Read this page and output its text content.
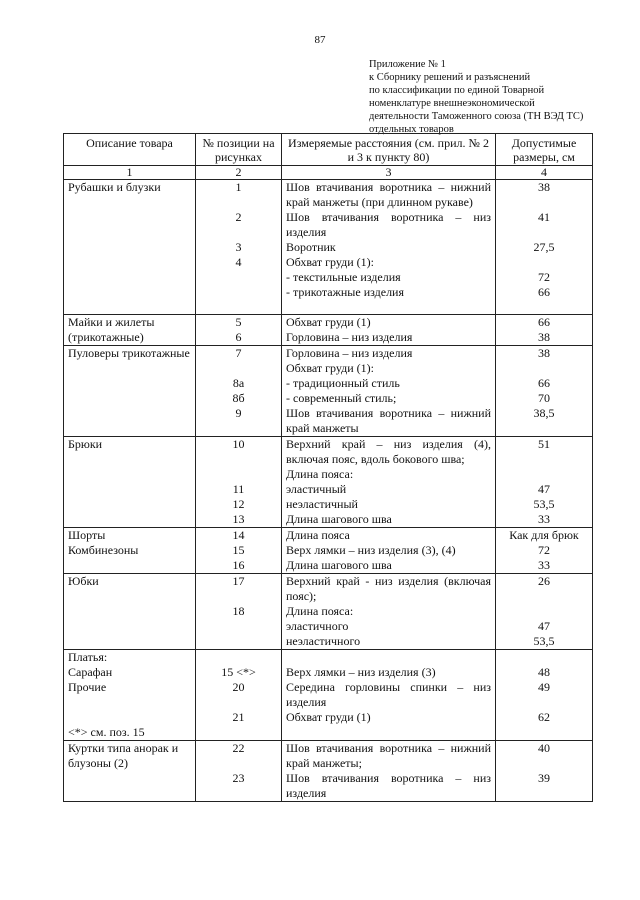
87
Приложение № 1
к Сборнику решений и разъяснений
по классификации по единой Товарной
номенклатуре внешнеэкономической
деятельности Таможенного союза (ТН ВЭД ТС)
отдельных товаров
Описание товара	№ позиции на рисунках	Измеряемые расстояния (см. прил. № 2 и 3 к пункту 80)	Допустимые размеры, см
1	2	3	4
Рубашки и блузки	1	Шов втачивания воротника – нижний край манжеты (при длинном рукаве)	38
	2	Шов втачивания воротника – низ изделия	41
	3	Воротник	27,5
	4	Обхват груди (1):	
		- текстильные изделия	72
		- трикотажные изделия	66

Майки и жилеты	5	Обхват груди (1)	66
(трикотажные)	6	Горловина – низ изделия	38
Пуловеры трикотажные	7	Горловина – низ изделия	38
		Обхват груди (1):	
	8а	- традиционный стиль	66
	8б	- современный стиль;	70
	9	Шов втачивания воротника – нижний край манжеты	38,5
Брюки	10	Верхний край – низ изделия (4), включая пояс, вдоль бокового шва;	51
		Длина пояса:	
	11	эластичный	47
	12	неэластичный	53,5
	13	Длина шагового шва	33
Шорты	14	Длина пояса	Как для брюк
Комбинезоны	15	Верх лямки – низ изделия (3), (4)	72
	16	Длина шагового шва	33
Юбки	17	Верхний край - низ изделия (включая пояс);	26
	18	Длина пояса:	
		эластичного	47
		неэластичного	53,5
Платья:			
Сарафан	15 <*>	Верх лямки – низ изделия (3)	48
Прочие	20	Середина горловины спинки – низ изделия	49
	21	Обхват груди (1)	62
<*> см. поз. 15			
Куртки типа анорак и блузоны (2)	22	Шов втачивания воротника – нижний край манжеты;	40
	23	Шов втачивания воротника – низ изделия	39
